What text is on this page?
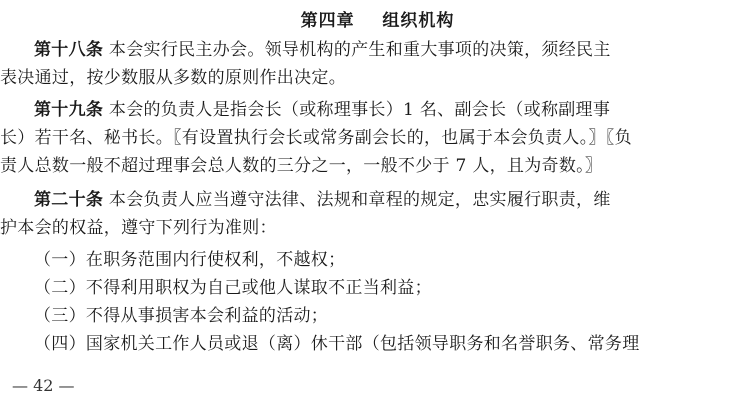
第四章    组织机构
第十八条 本会实行民主办会。领导机构的产生和重大事项的决策，须经民主
表决通过，按少数服从多数的原则作出决定。
第十九条 本会的负责人是指会长（或称理事长）1 名、副会长（或称副理事
长）若干名、秘书长。〖有设置执行会长或常务副会长的，也属于本会负责人。〗〖负
责人总数一般不超过理事会总人数的三分之一，一般不少于 7 人，且为奇数。〗
第二十条 本会负责人应当遵守法律、法规和章程的规定，忠实履行职责，维
护本会的权益，遵守下列行为准则：
（一）在职务范围内行使权利，不越权；
（二）不得利用职权为自己或他人谋取不正当利益；
（三）不得从事损害本会利益的活动；
（四）国家机关工作人员或退（离）休干部（包括领导职务和名誉职务、常务理
— 42 —
